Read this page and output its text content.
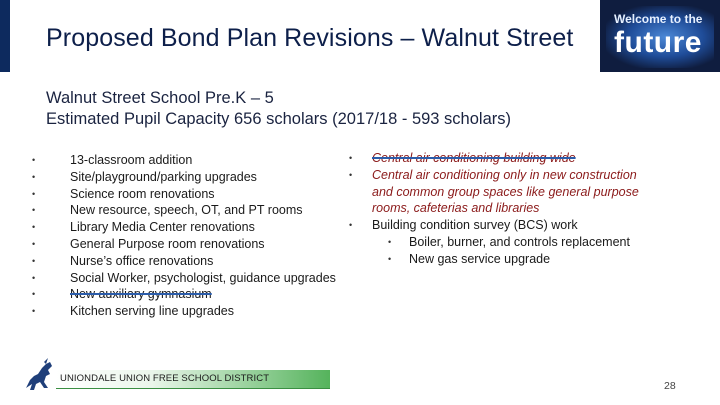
Proposed Bond Plan Revisions – Walnut Street
Welcome to the
future
Walnut Street School Pre.K – 5
Estimated Pupil Capacity 656 scholars (2017/18 - 593 scholars)
•	13-classroom addition
•	Site/playground/parking upgrades
•	Science room renovations
•	New resource, speech, OT, and PT rooms
•	Library Media Center renovations
•	General Purpose room renovations
•	Nurse’s office renovations
•	Social Worker, psychologist, guidance upgrades
•	New auxiliary gymnasium
•	Kitchen serving line upgrades
• Central air conditioning building wide
• Central air conditioning only in new construction and common group spaces like general purpose rooms, cafeterias and libraries
• Building condition survey (BCS) work
• Boiler, burner, and controls replacement
• New gas service upgrade
UNIONDALE UNION FREE SCHOOL DISTRICT
28
